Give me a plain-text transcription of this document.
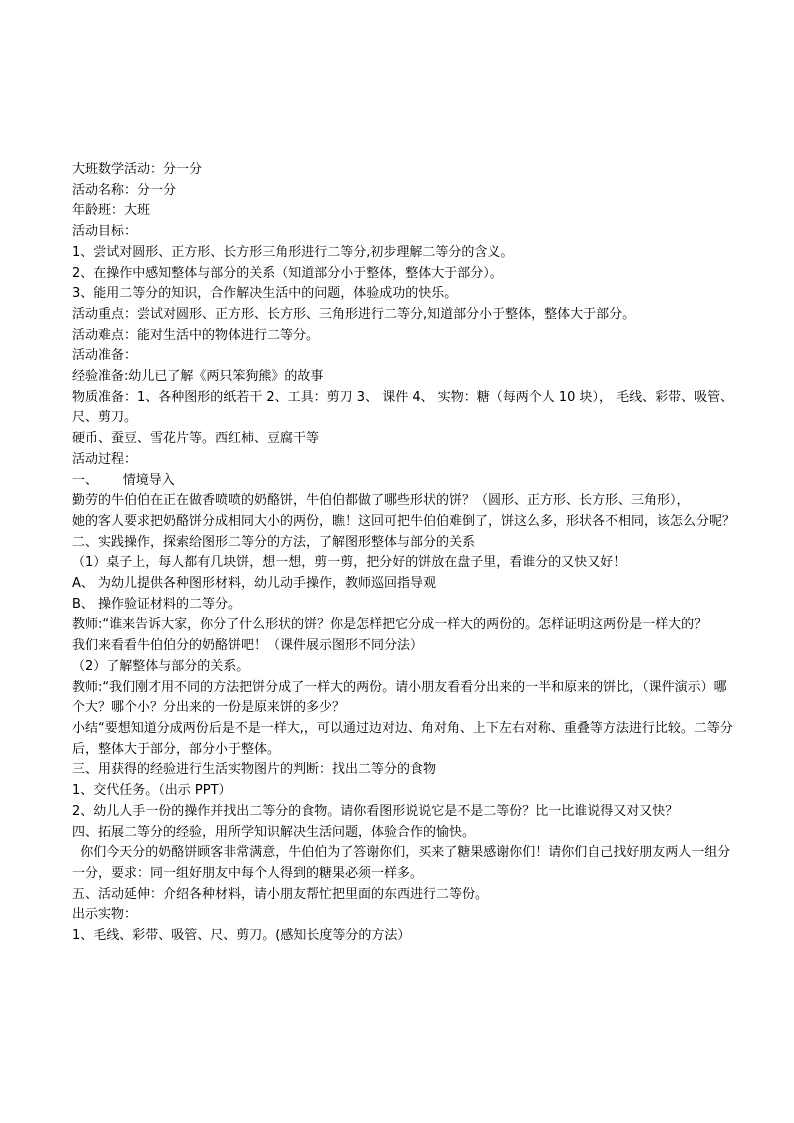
大班数学活动：分一分

活动名称：分一分

年龄班：大班

活动目标：

1、尝试对圆形、正方形、长方形三角形进行二等分,初步理解二等分的含义。

2、在操作中感知整体与部分的关系（知道部分小于整体，整体大于部分）。

3、能用二等分的知识，合作解决生活中的问题，体验成功的快乐。

活动重点：尝试对圆形、正方形、长方形、三角形进行二等分,知道部分小于整体，整体大于部分。

活动难点：能对生活中的物体进行二等分。

活动准备：

经验准备:幼儿已了解《两只笨狗熊》的故事

物质准备：1、各种图形的纸若干 2、工具：剪刀 3、 课件 4、 实物：糖（每两个人 10 块）， 毛线、彩带、吸管、尺、剪刀。

硬币、蚕豆、雪花片等。西红柿、豆腐干等

活动过程：

一、      情境导入

勤劳的牛伯伯在正在做香喷喷的奶酪饼，牛伯伯都做了哪些形状的饼？（圆形、正方形、长方形、三角形），

她的客人要求把奶酪饼分成相同大小的两份，瞧！这回可把牛伯伯难倒了，饼这么多，形状各不相同，该怎么分呢？

二、实践操作，探索给图形二等分的方法，了解图形整体与部分的关系

（1）桌子上，每人都有几块饼，想一想，剪一剪，把分好的饼放在盘子里，看谁分的又快又好！

A、 为幼儿提供各种图形材料，幼儿动手操作，教师巡回指导观

B、 操作验证材料的二等分。

教师:“谁来告诉大家，你分了什么形状的饼？你是怎样把它分成一样大的两份的。怎样证明这两份是一样大的？

我们来看看牛伯伯分的奶酪饼吧！（课件展示图形不同分法）

（2）了解整体与部分的关系。

教师:“我们刚才用不同的方法把饼分成了一样大的两份。请小朋友看看分出来的一半和原来的饼比，（课件演示）哪个大？哪个小？分出来的一份是原来饼的多少？

小结“要想知道分成两份后是不是一样大,，可以通过边对边、角对角、上下左右对称、重叠等方法进行比较。二等分后，整体大于部分，部分小于整体。

三、用获得的经验进行生活实物图片的判断：找出二等分的食物

1、交代任务。（出示 PPT）

2、幼儿人手一份的操作并找出二等分的食物。请你看图形说说它是不是二等份？比一比谁说得又对又快？

四、拓展二等分的经验，用所学知识解决生活问题，体验合作的愉快。

你们今天分的奶酪饼顾客非常满意，牛伯伯为了答谢你们，买来了糖果感谢你们！请你们自己找好朋友两人一组分一分，要求：同一组好朋友中每个人得到的糖果必须一样多。

五、活动延伸：介绍各种材料，请小朋友帮忙把里面的东西进行二等份。

出示实物：

1、毛线、彩带、吸管、尺、剪刀。(感知长度等分的方法）
